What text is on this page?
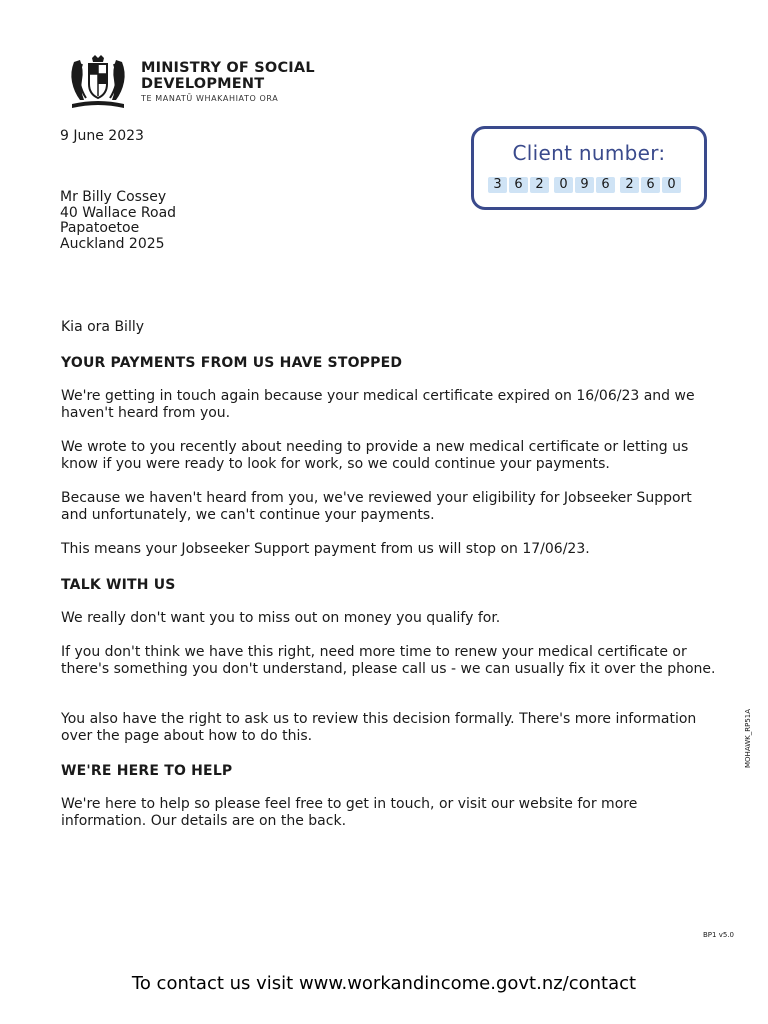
MINISTRY OF SOCIAL
DEVELOPMENT
TE MANATŪ WHAKAHIATO ORA
9 June 2023
Mr Billy Cossey
40 Wallace Road
Papatoetoe
Auckland 2025
Client number:
3 6 2	0 9 6	2 6 0

Kia ora Billy

YOUR PAYMENTS FROM US HAVE STOPPED

We're getting in touch again because your medical certificate expired on 16/06/23 and we haven't heard from you.

We wrote to you recently about needing to provide a new medical certificate or letting us know if you were ready to look for work, so we could continue your payments.

Because we haven't heard from you, we've reviewed your eligibility for Jobseeker Support and unfortunately, we can't continue your payments.

This means your Jobseeker Support payment from us will stop on 17/06/23.

TALK WITH US

We really don't want you to miss out on money you qualify for.

If you don't think we have this right, need more time to renew your medical certificate or there's something you don't understand, please call us - we can usually fix it over the phone.

You also have the right to ask us to review this decision formally. There's more information over the page about how to do this.

WE'RE HERE TO HELP

We're here to help so please feel free to get in touch, or visit our website for more information. Our details are on the back.

MOHAWK_RP51A
BP1 v5.0
To contact us visit www.workandincome.govt.nz/contact
